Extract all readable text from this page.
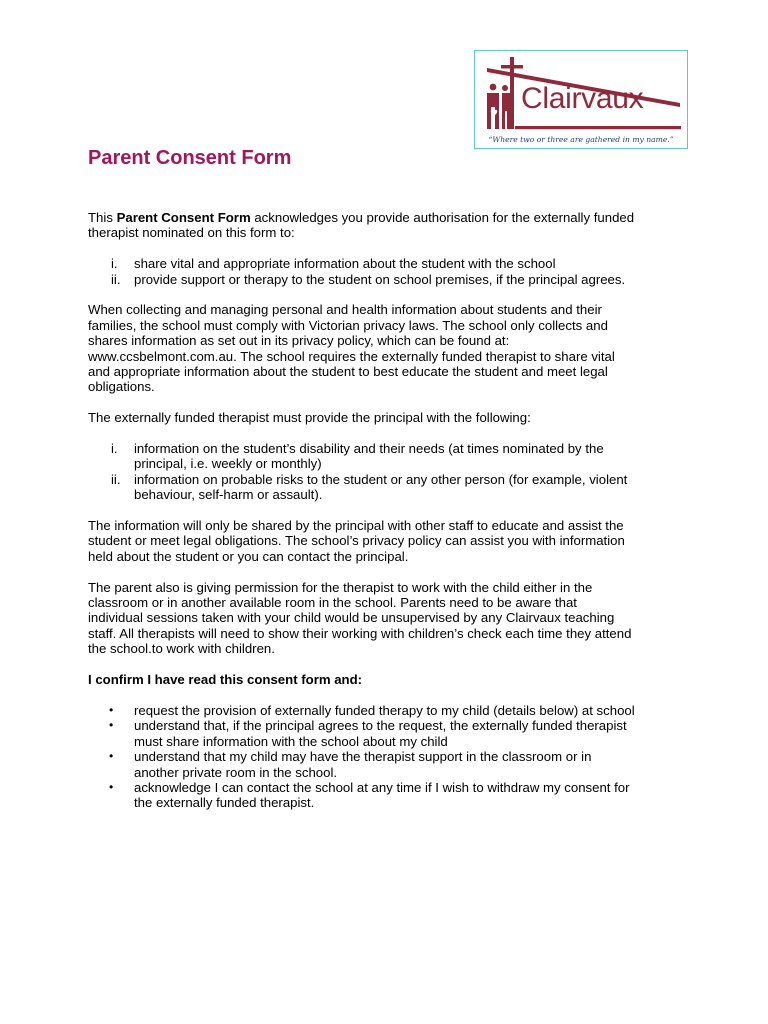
Clairvaux
“Where two or three are gathered in my name.”
Parent Consent Form

This Parent Consent Form acknowledges you provide authorisation for the externally funded
therapist nominated on this form to:

i.	share vital and appropriate information about the student with the school
ii.	provide support or therapy to the student on school premises, if the principal agrees.

When collecting and managing personal and health information about students and their
families, the school must comply with Victorian privacy laws. The school only collects and
shares information as set out in its privacy policy, which can be found at:
www.ccsbelmont.com.au. The school requires the externally funded therapist to share vital
and appropriate information about the student to best educate the student and meet legal
obligations.

The externally funded therapist must provide the principal with the following:

i.	information on the student’s disability and their needs (at times nominated by the
principal, i.e. weekly or monthly)
ii.	information on probable risks to the student or any other person (for example, violent
behaviour, self-harm or assault).

The information will only be shared by the principal with other staff to educate and assist the
student or meet legal obligations. The school’s privacy policy can assist you with information
held about the student or you can contact the principal.

The parent also is giving permission for the therapist to work with the child either in the
classroom or in another available room in the school. Parents need to be aware that
individual sessions taken with your child would be unsupervised by any Clairvaux teaching
staff. All therapists will need to show their working with children’s check each time they attend
the school.to work with children.

I confirm I have read this consent form and:

•	request the provision of externally funded therapy to my child (details below) at school
•	understand that, if the principal agrees to the request, the externally funded therapist
must share information with the school about my child
•	understand that my child may have the therapist support in the classroom or in
another private room in the school.
•	acknowledge I can contact the school at any time if I wish to withdraw my consent for
the externally funded therapist.
